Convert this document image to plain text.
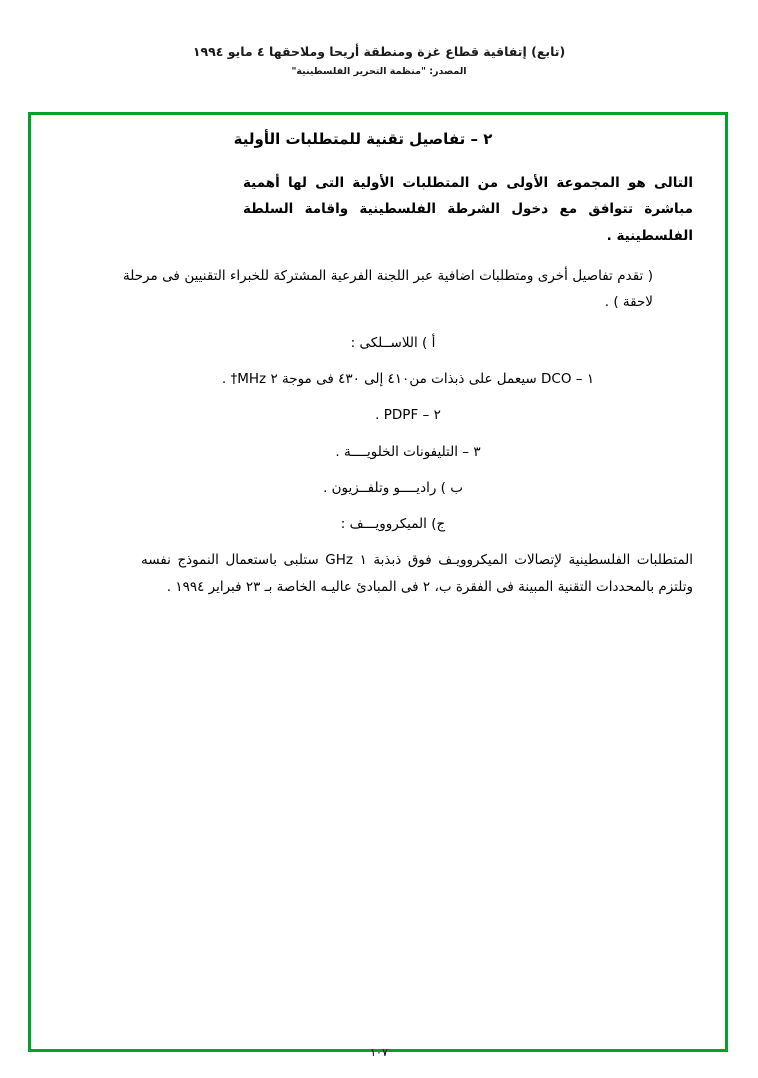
(تابع) إتفاقية قطاع غزة ومنطقة أريحا وملاحقها ٤ مايو ١٩٩٤
المصدر: "منظمة التحرير الفلسطينية"
٢ – تفاصيل تقنية للمتطلبات الأولية

التالى هو المجموعة الأولى من المتطلبات الأولية التى لها أهمية مباشرة تتوافق مع دخول الشرطة الفلسطينية واقامة السلطة الفلسطينية .

( تقدم تفاصيل أخرى ومتطلبات اضافية عبر اللجنة الفرعية المشتركة للخبراء التقنيين فى مرحلة لاحقة ) .

أ ) اللاســلكى :

١ – DCO سيعمل على ذبذات من٤١٠ إلى ٤٣٠ فى موجة ٢ MHz† .

٢ – PDPF .

٣ – التليفونات الخلويــــة .

ب ) راديــــو وتلفــزيون .

ج) الميكروويـــف :

المتطلبات الفلسطينية لإتصالات الميكروويـف فوق ذبذبة ١ GHz ستلبى باستعمال النموذج نفسه وتلتزم بالمحددات التقنية المبينة فى الفقرة ب، ٢ فى المبادئ عاليـه الخاصة بـ ٢٣ فبراير ١٩٩٤ .

١٠٧
